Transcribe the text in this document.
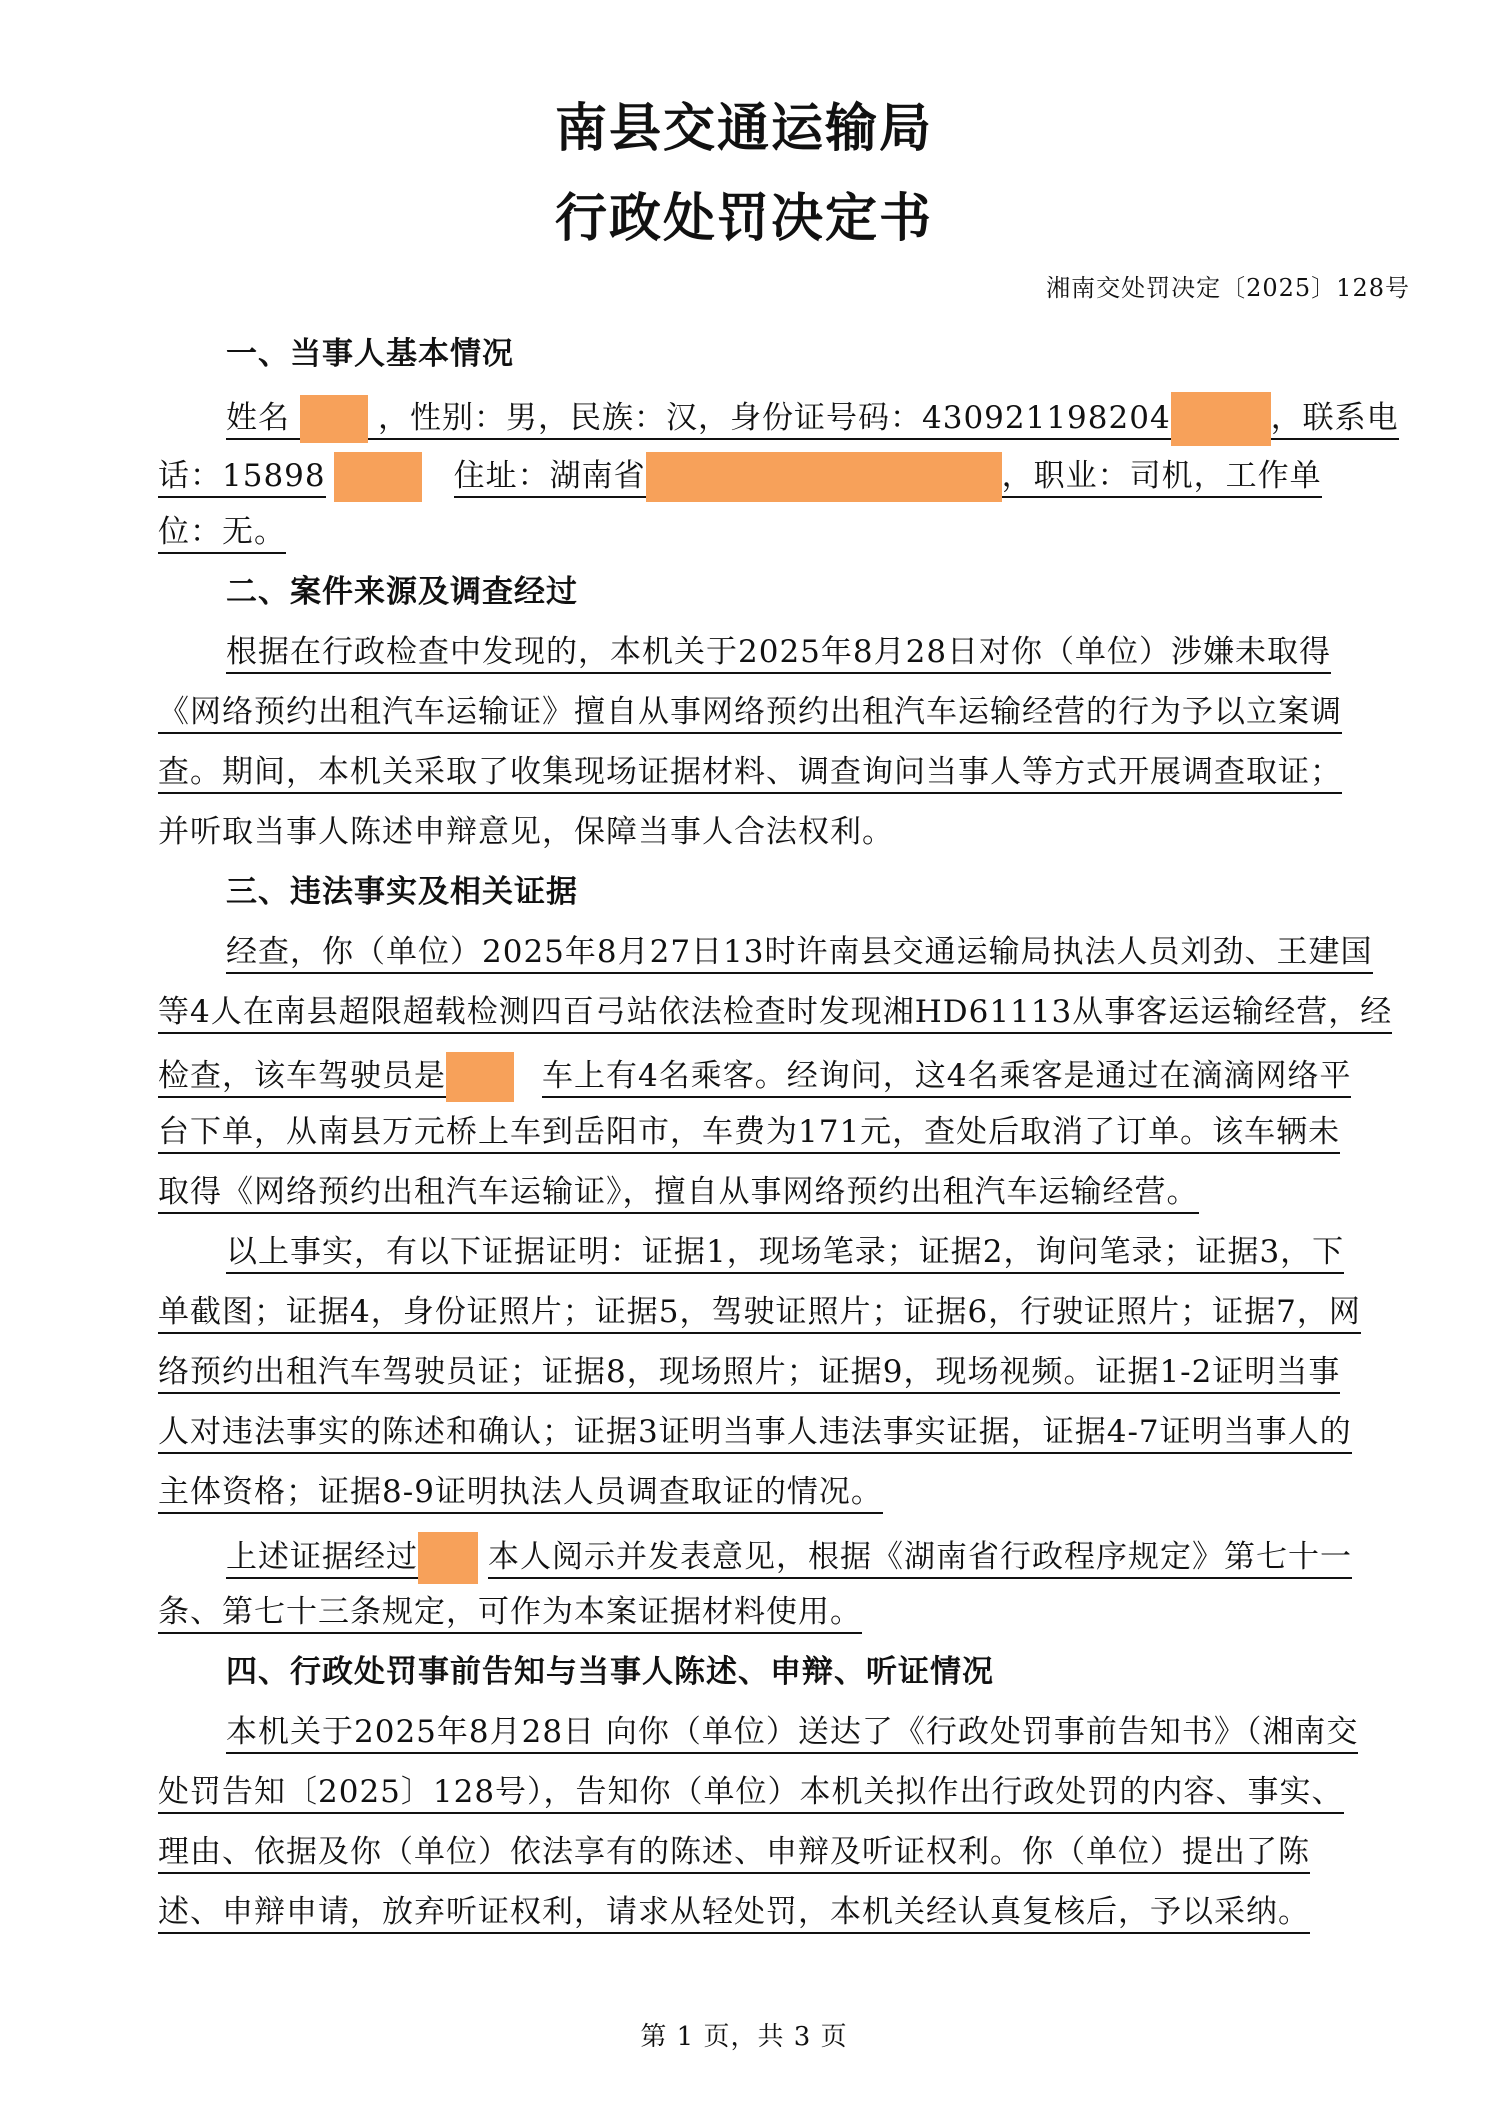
南县交通运输局
行政处罚决定书
湘南交处罚决定〔2025〕128号
一、当事人基本情况
姓名	，性别：男，民族：汉，身份证号码：430921198204	，联系电
话：15898	住址：湖南省	，职业：司机，工作单
位：无。
二、案件来源及调查经过
根据在行政检查中发现的，本机关于2025年8月28日对你（单位）涉嫌未取得
《网络预约出租汽车运输证》擅自从事网络预约出租汽车运输经营的行为予以立案调
查。期间，本机关采取了收集现场证据材料、调查询问当事人等方式开展调查取证；
并听取当事人陈述申辩意见，保障当事人合法权利。
三、违法事实及相关证据
经查，你（单位）2025年8月27日13时许南县交通运输局执法人员刘劲、王建国
等4人在南县超限超载检测四百弓站依法检查时发现湘HD61113从事客运运输经营，经
检查，该车驾驶员是	车上有4名乘客。经询问，这4名乘客是通过在滴滴网络平
台下单，从南县万元桥上车到岳阳市，车费为171元，查处后取消了订单。该车辆未
取得《网络预约出租汽车运输证》，擅自从事网络预约出租汽车运输经营。
以上事实，有以下证据证明：证据1，现场笔录；证据2，询问笔录；证据3，下
单截图；证据4，身份证照片；证据5，驾驶证照片；证据6，行驶证照片；证据7，网
络预约出租汽车驾驶员证；证据8，现场照片；证据9，现场视频。证据1-2证明当事
人对违法事实的陈述和确认；证据3证明当事人违法事实证据，证据4-7证明当事人的
主体资格；证据8-9证明执法人员调查取证的情况。
上述证据经过 本人阅示并发表意见，根据《湖南省行政程序规定》第七十一
条、第七十三条规定，可作为本案证据材料使用。
四、行政处罚事前告知与当事人陈述、申辩、听证情况
本机关于2025年8月28日 向你（单位）送达了《行政处罚事前告知书》（湘南交
处罚告知〔2025〕128号），告知你（单位）本机关拟作出行政处罚的内容、事实、
理由、依据及你（单位）依法享有的陈述、申辩及听证权利。你（单位）提出了陈
述、申辩申请，放弃听证权利，请求从轻处罚，本机关经认真复核后，予以采纳。
第 1 页，共 3 页
